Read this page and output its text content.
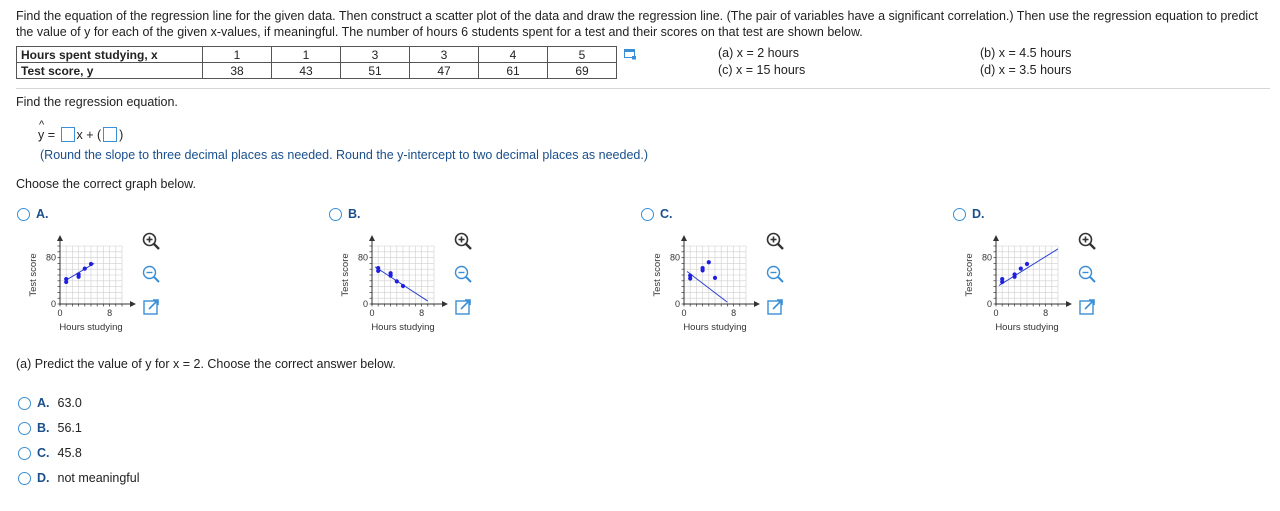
Find the equation of the regression line for the given data. Then construct a scatter plot of the data and draw the regression line. (The pair of variables have a significant correlation.) Then use the regression equation to predict the value of y for each of the given x-values, if meaningful. The number of hours 6 students spent for a test and their scores on that test are shown below.
Hours spent studying, x	1	1	3	3	4	5
Test score, y	38	43	51	47	61	69
(a) x = 2 hours
(c) x = 15 hours
(b) x = 4.5 hours
(d) x = 3.5 hours
Find the regression equation.
^
y = x + ( )
(Round the slope to three decimal places as needed. Round the y-intercept to two decimal places as needed.)
Choose the correct graph below.
A.	B.	C.	D.
0
80
0	8
Hours studying
Test score
0
80
0	8
Hours studying
Test score
0
80
0	8
Hours studying
Test score
0
80
0	8
Hours studying
Test score
(a) Predict the value of y for x = 2. Choose the correct answer below.
A. 63.0
B. 56.1
C. 45.8
D. not meaningful
